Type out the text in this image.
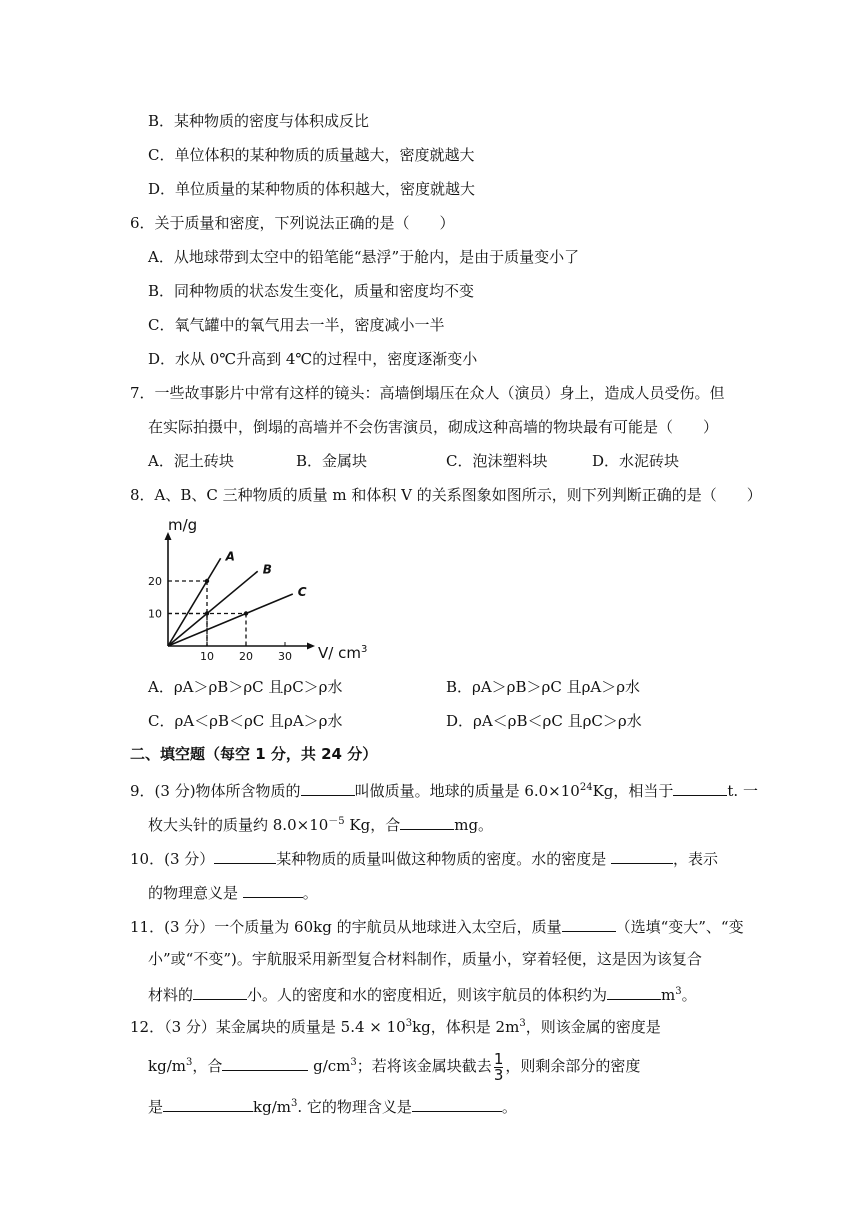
B．某种物质的密度与体积成反比
C．单位体积的某种物质的质量越大，密度就越大
D．单位质量的某种物质的体积越大，密度就越大
6．关于质量和密度，下列说法正确的是（　　）
A．从地球带到太空中的铅笔能“悬浮”于舱内，是由于质量变小了
B．同种物质的状态发生变化，质量和密度均不变
C．氧气罐中的氧气用去一半，密度减小一半
D．水从 0℃升高到 4℃的过程中，密度逐渐变小
7．一些故事影片中常有这样的镜头：高墙倒塌压在众人（演员）身上，造成人员受伤。但
在实际拍摄中，倒塌的高墙并不会伤害演员，砌成这种高墙的物块最有可能是（　　）
A．泥土砖块	B．金属块	C．泡沫塑料块	D．水泥砖块
8．A、B、C 三种物质的质量 m 和体积 V 的关系图象如图所示，则下列判断正确的是（　　）
m/g
V/ $cm^3$
10 20 30
10
20
A
B
C
A．ρA＞ρB＞ρC 且ρC＞ρ水	B．ρA＞ρB＞ρC 且ρA＞ρ水
C．ρA＜ρB＜ρC 且ρA＞ρ水	D．ρA＜ρB＜ρC 且ρC＞ρ水
二、填空题（每空 1 分，共 24 分）
9．(3 分)物体所含物质的	叫做质量。地球的质量是 $6.0\times 10^{24}Kg$，相当于	t. 一
枚大头针的质量约 $8.0\times 10^{-5}$ Kg，合	mg。
10．(3 分）	某种物质的质量叫做这种物质的密度。水的密度是	，表示
的物理意义是	。
11．(3 分）一个质量为 60kg 的宇航员从地球进入太空后，质量	（选填“变大”、“变
小”或“不变”)。宇航服采用新型复合材料制作，质量小，穿着轻便，这是因为该复合
材料的	小。人的密度和水的密度相近，则该宇航员的体积约为	$m^3$。
12．（3 分）某金属块的质量是 $5.4 \times 10^3kg$，体积是 $2m^3$，则该金属的密度是
$kg/m^3$，合	$g/cm^3$；若将该金属块截去 $\frac{1}{3}$ ，则剩余部分的密度
是	$kg/m^3$. 它的物理含义是	。
